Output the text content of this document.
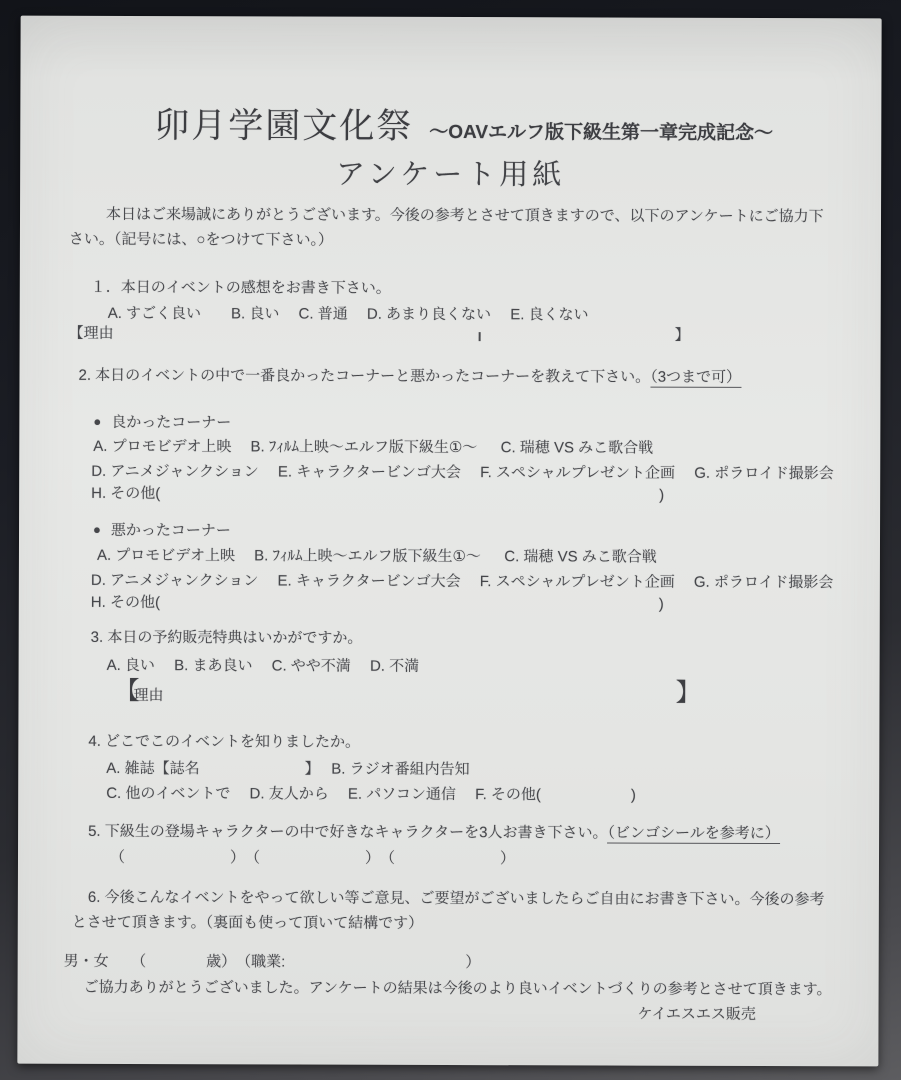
卯月学園文化祭 ～OAVエルフ版下級生第一章完成記念～
アンケート用紙
本日はご来場誠にありがとうございます。今後の参考とさせて頂きますので、以下のアンケートにご協力下
さい。（記号には、○をつけて下さい。）
１．本日のイベントの感想をお書き下さい。
A. すごく良い　　B. 良い　 C. 普通　 D. あまり良くない　 E. 良くない
【理由	】
2. 本日のイベントの中で一番良かったコーナーと悪かったコーナーを教えて下さい。（3つまで可）
● 良かったコーナー
A. プロモビデオ上映　 B. ﾌｨﾙﾑ上映～エルフ版下級生①～ 　 C. 瑞穂 VS みこ歌合戦
D. アニメジャンクション　 E. キャラクタービンゴ大会 　F. スペシャルプレゼント企画 　G. ポラロイド撮影会
H. その他(	)
● 悪かったコーナー
A. プロモビデオ上映　 B. ﾌｨﾙﾑ上映～エルフ版下級生①～ 　 C. 瑞穂 VS みこ歌合戦
D. アニメジャンクション　 E. キャラクタービンゴ大会 　F. スペシャルプレゼント企画 　G. ポラロイド撮影会
H. その他(	)
3. 本日の予約販売特典はいかがですか。
A. 良い　 B. まあ良い　 C. やや不満　 D. 不満
【
理由	】
4. どこでこのイベントを知りましたか。
A. 雑誌【誌名　　　　　　　】　 B. ラジオ番組内告知
C. 他のイベントで　 D. 友人から　 E. パソコン通信　 F. その他(　　　　　　)
5. 下級生の登場キャラクターの中で好きなキャラクターを3人お書き下さい。（ビンゴシールを参考に）
（　　　　　　　）　（　　　　　　　）　（　　　　　　　）
6. 今後こんなイベントをやって欲しい等ご意見、ご要望がございましたらご自由にお書き下さい。今後の参考
とさせて頂きます。（裏面も使って頂いて結構です）
男・女　　（　　　　歳）　（職業:　　　　　　　　　　　　）
ご協力ありがとうございました。アンケートの結果は今後のより良いイベントづくりの参考とさせて頂きます。
ケイエスエス販売
